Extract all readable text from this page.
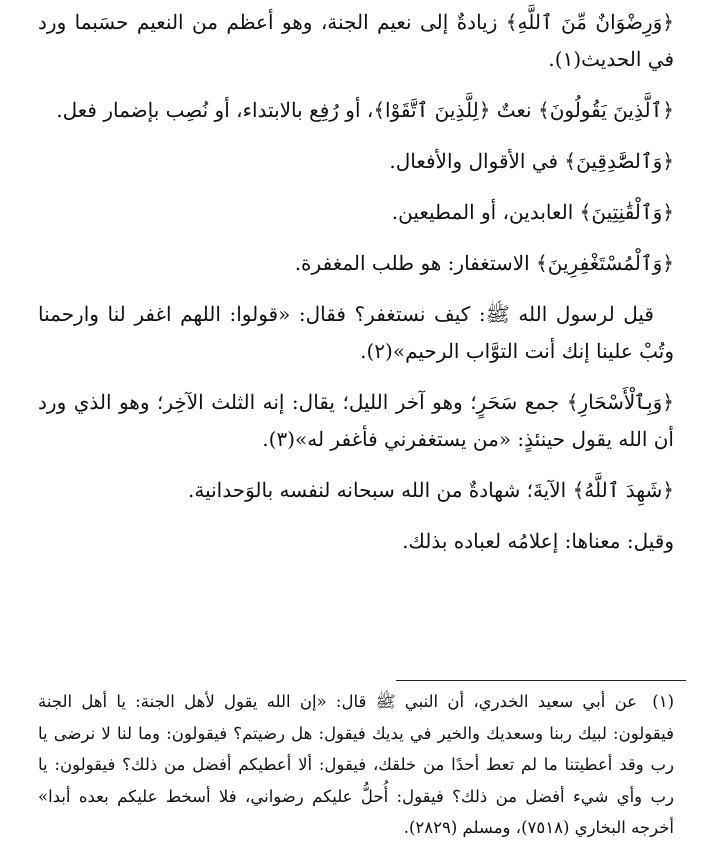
﴿وَرِضْوَانٌ مِّنَ ٱللَّهِ﴾ زيادةٌ إلى نعيم الجنة، وهو أعظم من النعيم حسَبما ورد في الحديث(١).

﴿ٱلَّذِينَ يَقُولُونَ﴾ نعتٌ ﴿لِلَّذِينَ ٱتَّقَوْا﴾، أو رُفِع بالابتداء، أو نُصِب بإضمار فعل.

﴿وَٱلصَّٰدِقِينَ﴾ في الأقوال والأفعال.

﴿وَٱلْقَٰنِتِينَ﴾ العابدين، أو المطيعين.

﴿وَٱلْمُسْتَغْفِرِينَ﴾ الاستغفار: هو طلب المغفرة.

قيل لرسول الله ﷺ: كيف نستغفر؟ فقال: «قولوا: اللهم اغفر لنا وارحمنا وتُبْ علينا إنك أنت التوَّاب الرحيم»(٢).

﴿وَبِٱلْأَسْحَارِ﴾ جمع سَحَرٍ؛ وهو آخر الليل؛ يقال: إنه الثلث الآخِر؛ وهو الذي ورد أن الله يقول حينئذٍ: «من يستغفرني فأغفر له»(٣).

﴿شَهِدَ ٱللَّهُ﴾ الآيةَ؛ شهادةٌ من الله سبحانه لنفسه بالوَحدانية.

وقيل: معناها: إعلامُه لعباده بذلك.

(١) عن أبي سعيد الخدري، أن النبي ﷺ قال: «إن الله يقول لأهل الجنة: يا أهل الجنة فيقولون: لبيك ربنا وسعديك والخير في يديك فيقول: هل رضيتم؟ فيقولون: وما لنا لا نرضى يا رب وقد أعطيتنا ما لم تعط أحدًا من خلقك، فيقول: ألا أعطيكم أفضل من ذلك؟ فيقولون: يا رب وأي شيء أفضل من ذلك؟ فيقول: أُحلُّ عليكم رضواني، فلا أسخط عليكم بعده أبدا» أخرجه البخاري (٧٥١٨)، ومسلم (٢٨٢٩).
